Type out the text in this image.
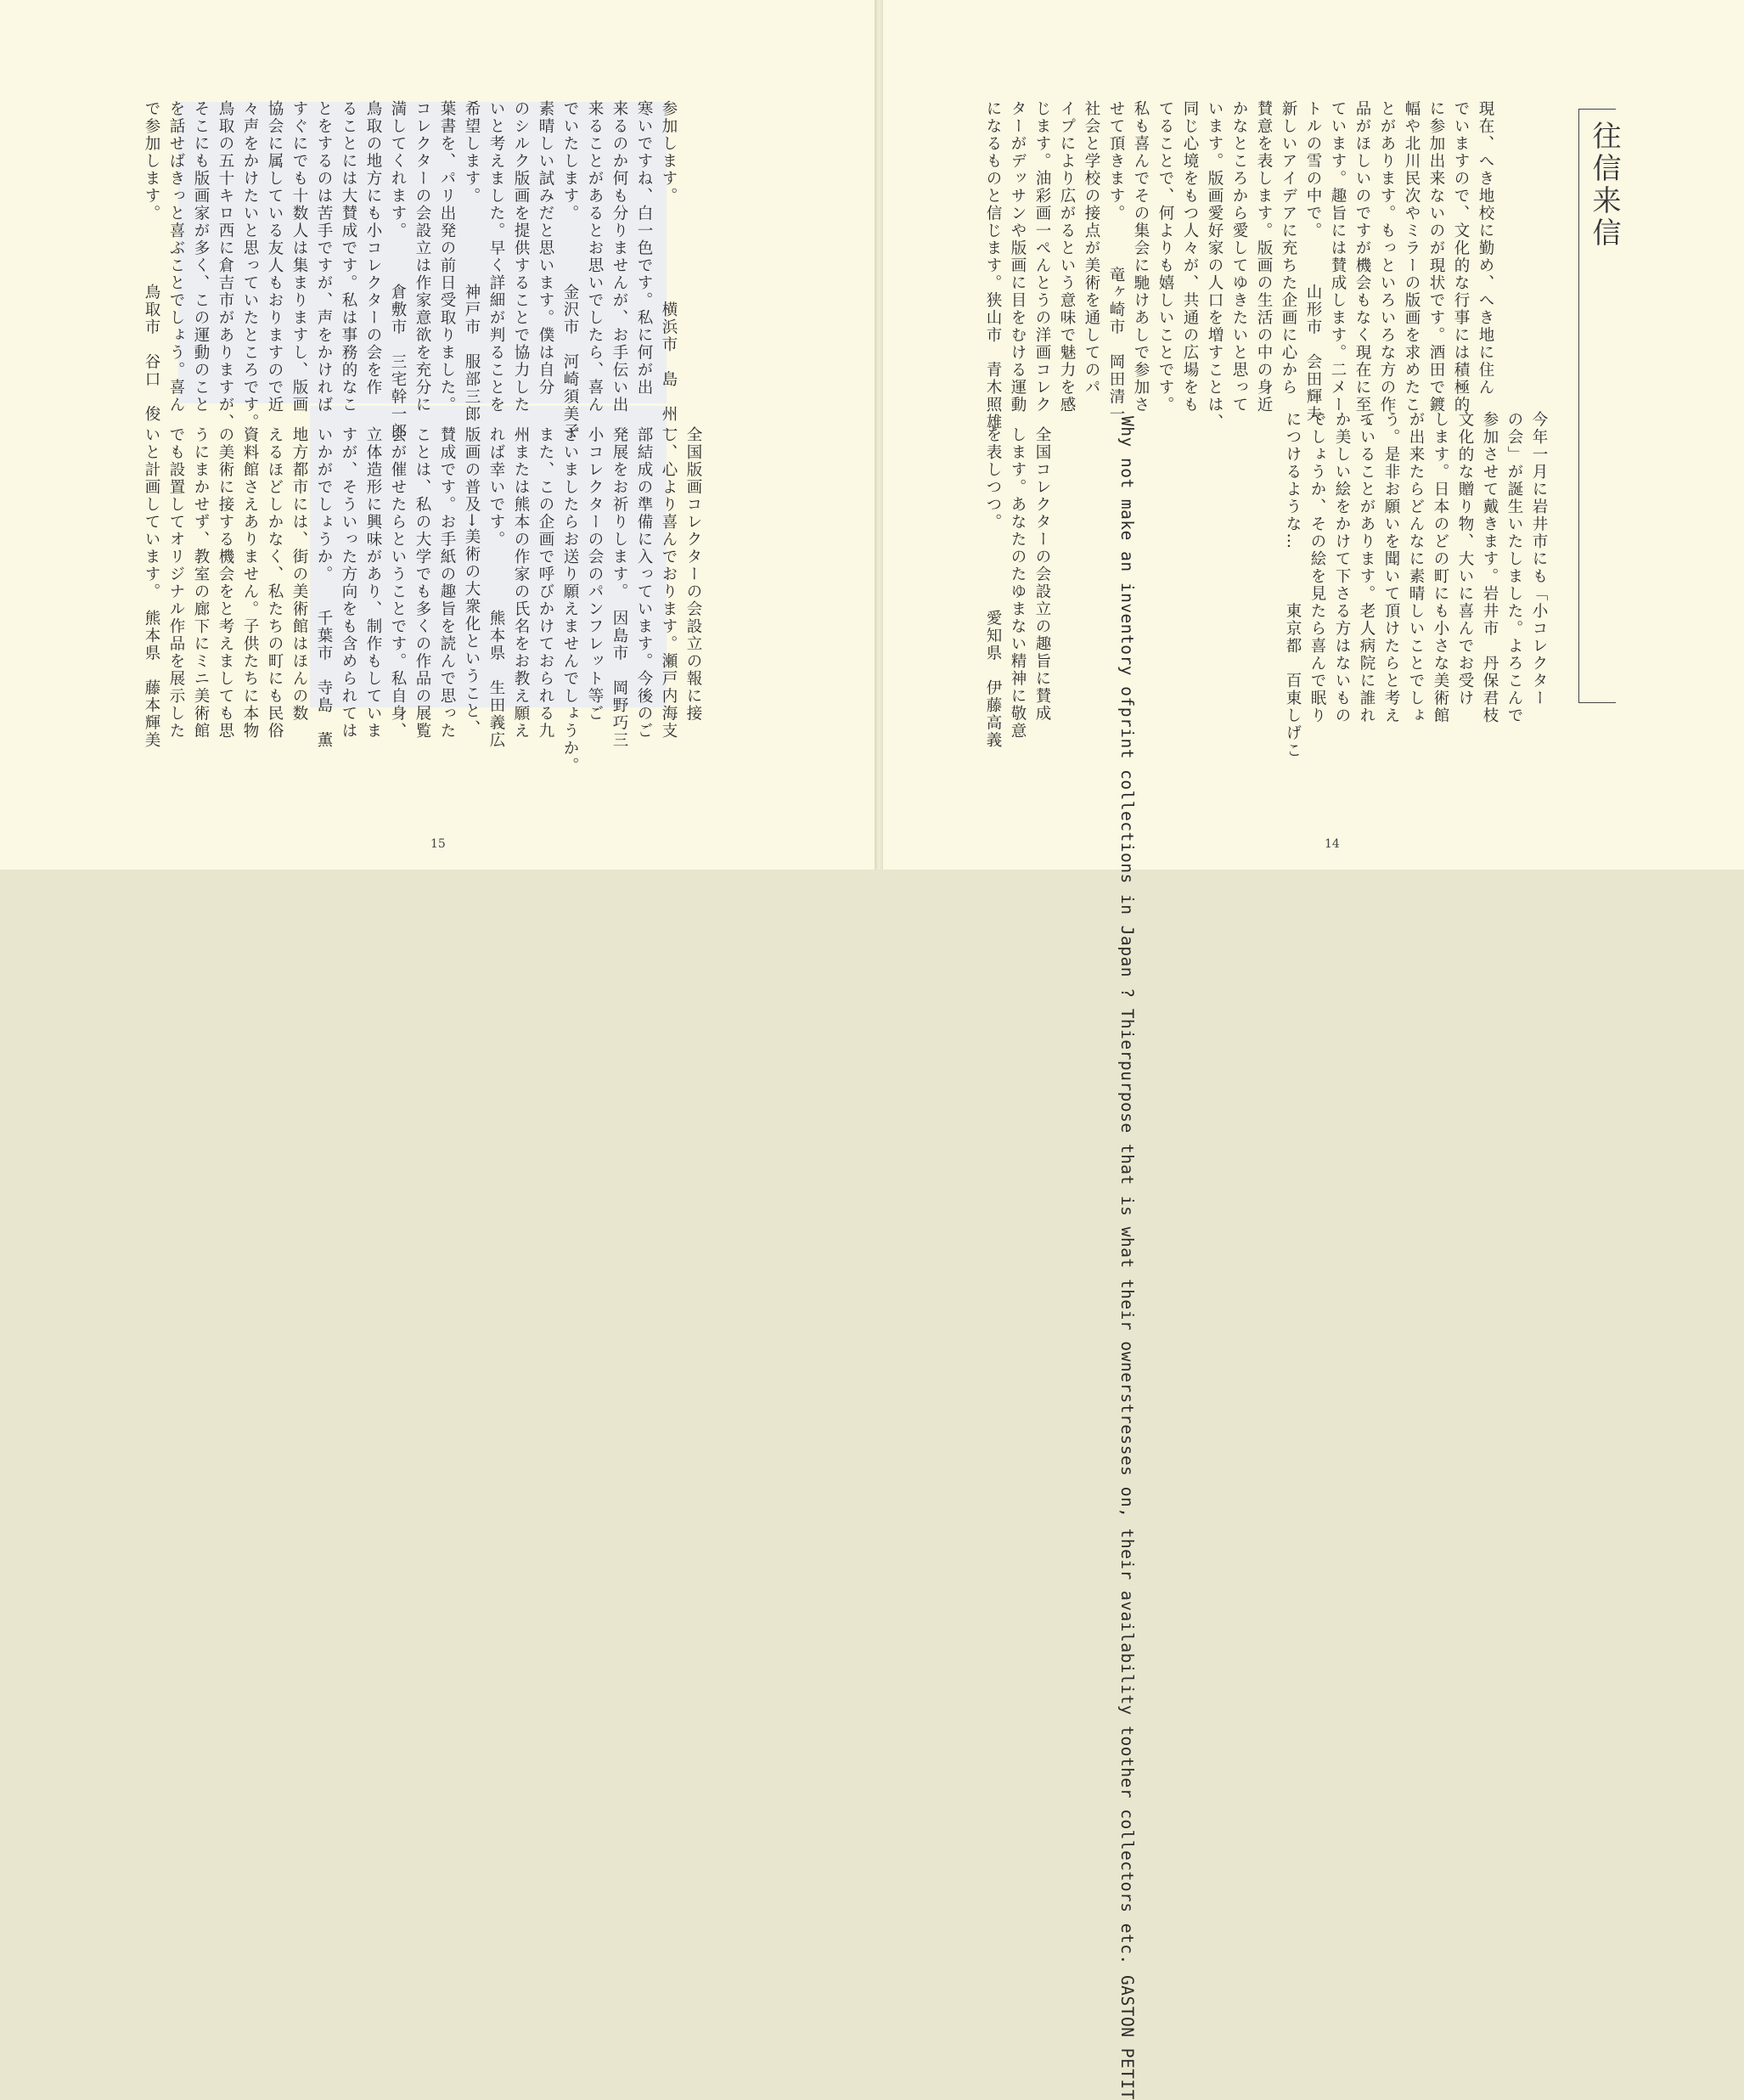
参加します。　　　　　　横浜市　島　州一
寒いですね、白一色です。私に何が出
来るのか何も分りませんが、お手伝い出
来ることがあるとお思いでしたら、喜ん
でいたします。　　　　金沢市　河崎須美子
素晴しい試みだと思います。僕は自分
のシルク版画を提供することで協力した
いと考えました。早く詳細が判ることを
希望します。　　　　　神戸市　服部三郎
葉書を、パリ出発の前日受取りました。
コレクターの会設立は作家意欲を充分に
満してくれます。　　　倉敷市　三宅幹一郎
鳥取の地方にも小コレクターの会を作
ることには大賛成です。私は事務的なこ
とをするのは苦手ですが、声をかければ
すぐにでも十数人は集まりますし、版画
協会に属している友人もおりますので近
々声をかけたいと思っていたところです。
鳥取の五十キロ西に倉吉市がありますが、
そこにも版画家が多く、この運動のこと
を話せばきっと喜ぶことでしょう。喜ん
で参加します。　　　　鳥取市　谷口　俊
全国版画コレクターの会設立の報に接
し、心より喜んでおります。瀬戸内海支
部結成の準備に入っています。今後のご
発展をお祈りします。　因島市　岡野巧三
小コレクターの会のパンフレット等ご
ざいましたらお送り願えませんでしょうか。
また、この企画で呼びかけておられる九
州または熊本の作家の氏名をお教え願え
れば幸いです。　　　　熊本県　生田義広
版画の普及→美術の大衆化ということ、
賛成です。お手紙の趣旨を読んで思った
ことは、私の大学でも多くの作品の展覧
会が催せたらということです。私自身、
立体造形に興味があり、制作もしていま
すが、そういった方向をも含められては
いかがでしょうか。　　千葉市　寺島　薫
地方都市には、街の美術館はほんの数
えるほどしかなく、私たちの町にも民俗
資料館さえありません。子供たちに本物
の美術に接する機会をと考えましても思
うにまかせず、教室の廊下にミニ美術館
でも設置してオリジナル作品を展示した
いと計画しています。　熊本県　藤本輝美
15
往信来信
現在、へき地校に勤め、へき地に住ん
でいますので、文化的な行事には積極的
に参加出来ないのが現状です。酒田で鍍
幅や北川民次やミラーの版画を求めたこ
とがあります。もっといろいろな方の作
品がほしいのですが機会もなく現在に至っ
ています。趣旨には賛成します。二メー
トルの雪の中で。　　　山形市　会田輝夫
新しいアイデアに充ちた企画に心から
賛意を表します。版画の生活の中の身近
かなところから愛してゆきたいと思って
います。版画愛好家の人口を増すことは、
同じ心境をもつ人々が、共通の広場をも
てることで、何よりも嬉しいことです。
私も喜んでその集会に馳けあしで参加さ
せて頂きます。　　　竜ヶ崎市　岡田清一
社会と学校の接点が美術を通してのパ
イプにより広がるという意味で魅力を感
じます。油彩画一ぺんとうの洋画コレク
ターがデッサンや版画に目をむける運動
になるものと信じます。狭山市　青木照雄
今年一月に岩井市にも「小コレクター
の会」が誕生いたしました。よろこんで
参加させて戴きます。岩井市　丹保君枝
文化的な贈り物、大いに喜んでお受け
します。日本のどの町にも小さな美術館
が出来たらどんなに素晴しいことでしょ
う。是非お願いを聞いて頂けたらと考え
ていることがあります。老人病院に誰れ
か美しい絵をかけて下さる方はないもの
でしょうか、その絵を見たら喜んで眠り
につけるような…　　　東京都　百東しげこ
Why not make an inventory ofprint collections in Japan ? Thierpurpose that is what their ownerstresses on, their availability toother collectors etc. GASTON PETIT
全国コレクターの会設立の趣旨に賛成
します。あなたのたゆまない精神に敬意
を表しつつ。　　　　　愛知県　伊藤高義
14
